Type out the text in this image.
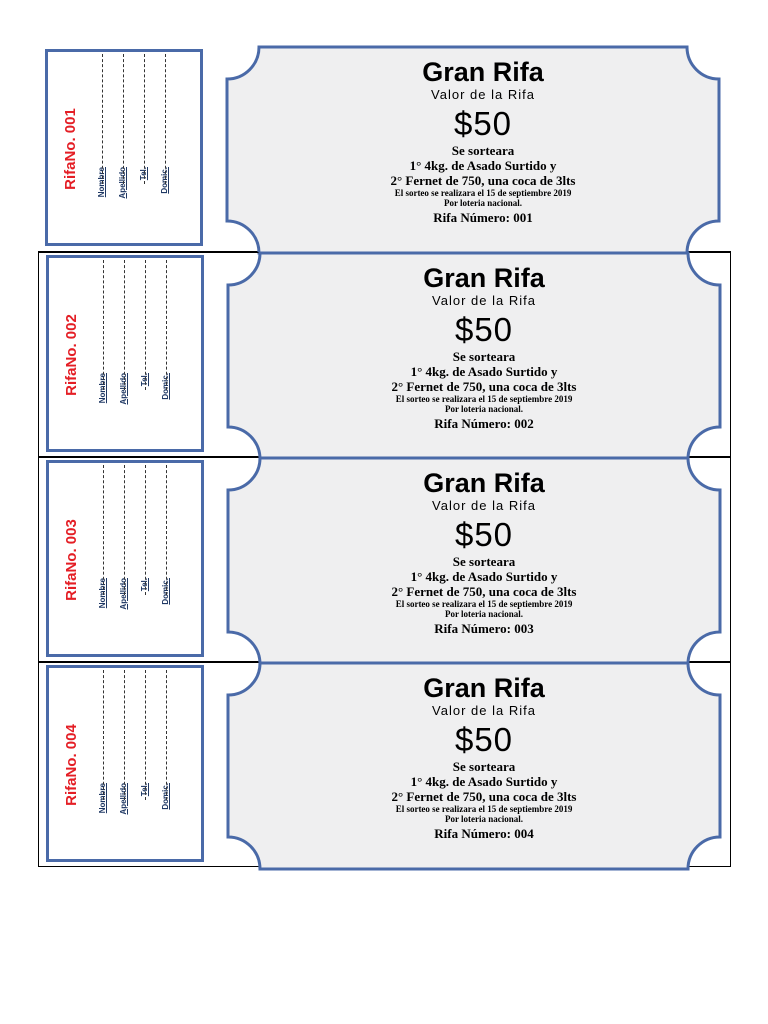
RifaNo. 001	Nombre	Apellido	Tel.	Domic.
Gran Rifa
Valor de la Rifa
$50
Se sorteara
1° 4kg. de Asado Surtido y
2° Fernet de 750, una coca de 3lts
El sorteo se realizara el 15 de septiembre 2019
Por loteria nacional.
Rifa Número: 001
RifaNo. 002	Nombre	Apellido	Tel.	Domic.
Gran Rifa
Valor de la Rifa
$50
Se sorteara
1° 4kg. de Asado Surtido y
2° Fernet de 750, una coca de 3lts
El sorteo se realizara el 15 de septiembre 2019
Por loteria nacional.
Rifa Número: 002
RifaNo. 003	Nombre	Apellido	Tel.	Domic.
Gran Rifa
Valor de la Rifa
$50
Se sorteara
1° 4kg. de Asado Surtido y
2° Fernet de 750, una coca de 3lts
El sorteo se realizara el 15 de septiembre 2019
Por loteria nacional.
Rifa Número: 003
RifaNo. 004	Nombre	Apellido	Tel.	Domic.
Gran Rifa
Valor de la Rifa
$50
Se sorteara
1° 4kg. de Asado Surtido y
2° Fernet de 750, una coca de 3lts
El sorteo se realizara el 15 de septiembre 2019
Por loteria nacional.
Rifa Número: 004
